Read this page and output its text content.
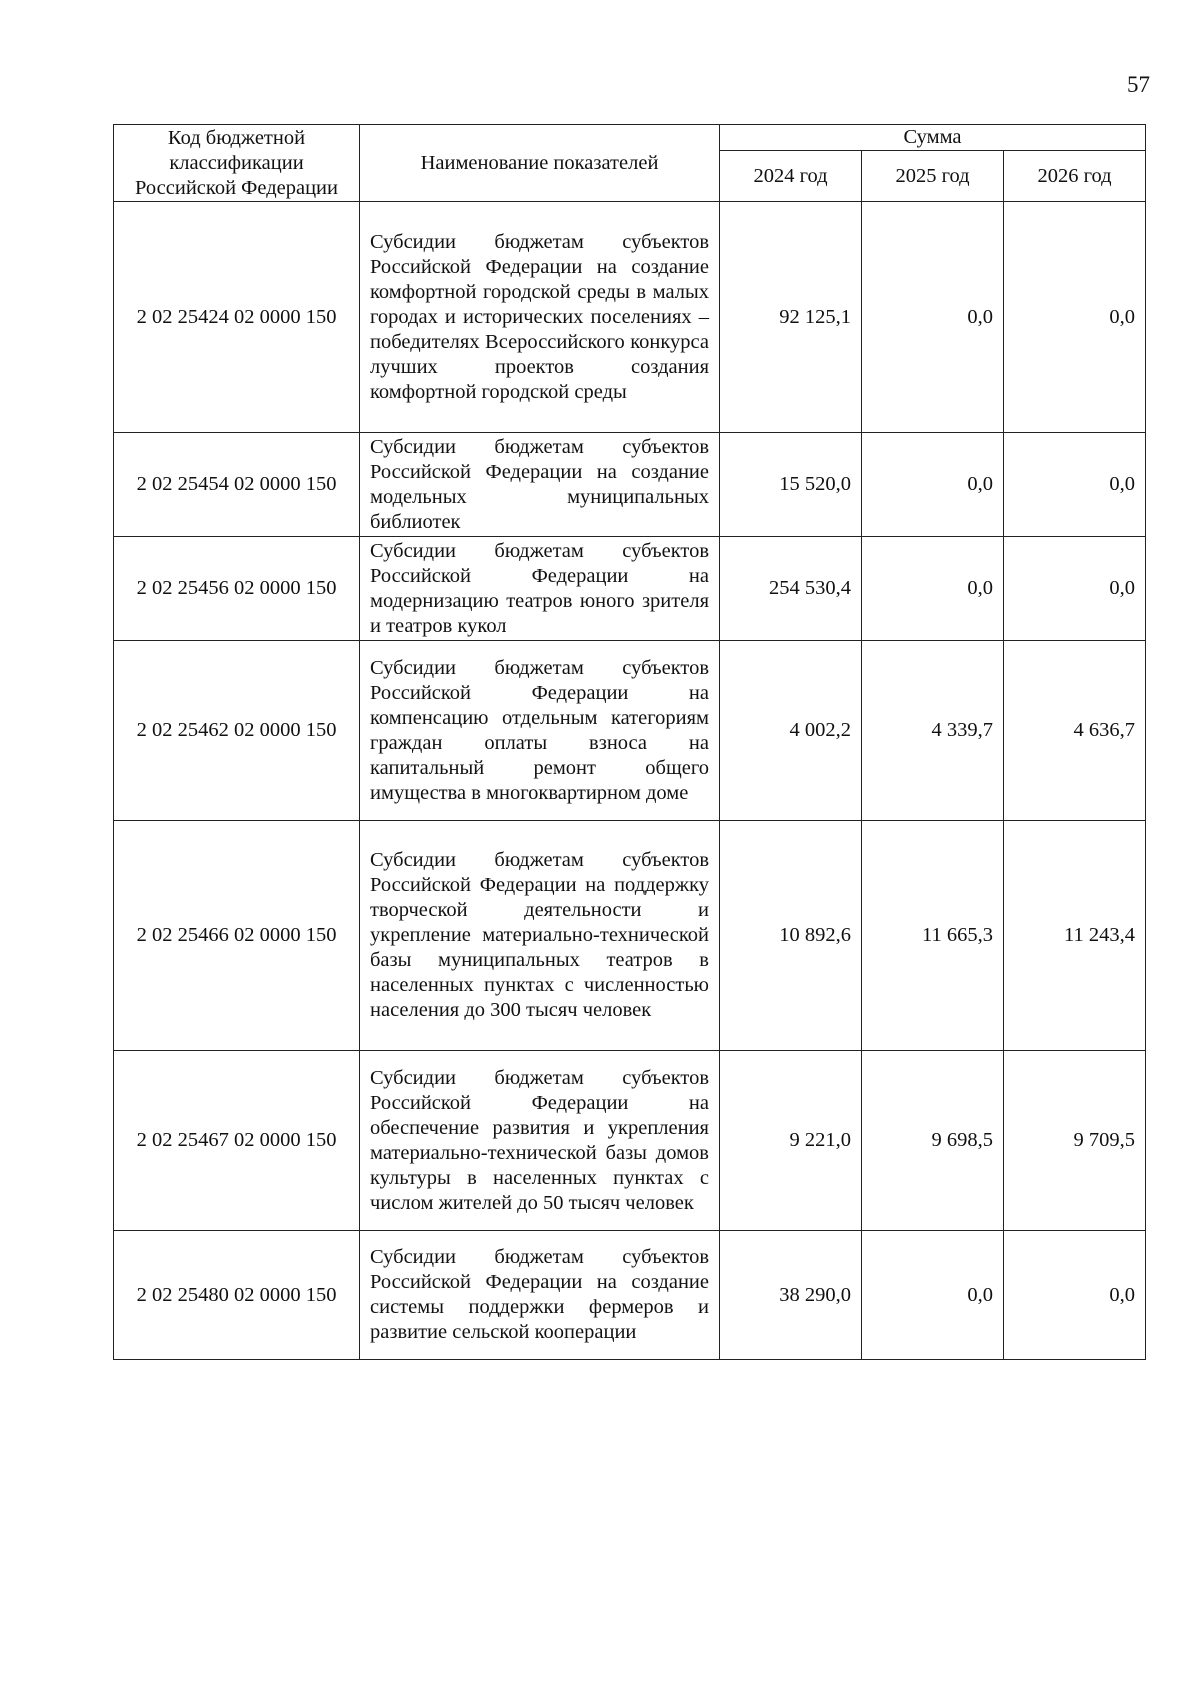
57
Код бюджетной классификации Российской Федерации	Наименование показателей	Сумма		
		2024 год	2025 год	2026 год
2 02 25424 02 0000 150	Субсидии бюджетам субъектов Российской Федерации на создание комфортной городской среды в малых городах и исторических поселениях – победителях Всероссийского конкурса лучших проектов создания комфортной городской среды	92 125,1	0,0	0,0
2 02 25454 02 0000 150	Субсидии бюджетам субъектов Российской Федерации на создание модельных муниципальных библиотек	15 520,0	0,0	0,0
2 02 25456 02 0000 150	Субсидии бюджетам субъектов Российской Федерации на модернизацию театров юного зрителя и театров кукол	254 530,4	0,0	0,0
2 02 25462 02 0000 150	Субсидии бюджетам субъектов Российской Федерации на компенсацию отдельным категориям граждан оплаты взноса на капитальный ремонт общего имущества в многоквартирном доме	4 002,2	4 339,7	4 636,7
2 02 25466 02 0000 150	Субсидии бюджетам субъектов Российской Федерации на поддержку творческой деятельности и укрепление материально-технической базы муниципальных театров в населенных пунктах с численностью населения до 300 тысяч человек	10 892,6	11 665,3	11 243,4
2 02 25467 02 0000 150	Субсидии бюджетам субъектов Российской Федерации на обеспечение развития и укрепления материально-технической базы домов культуры в населенных пунктах с числом жителей до 50 тысяч человек	9 221,0	9 698,5	9 709,5
2 02 25480 02 0000 150	Субсидии бюджетам субъектов Российской Федерации на создание системы поддержки фермеров и развитие сельской кооперации	38 290,0	0,0	0,0
